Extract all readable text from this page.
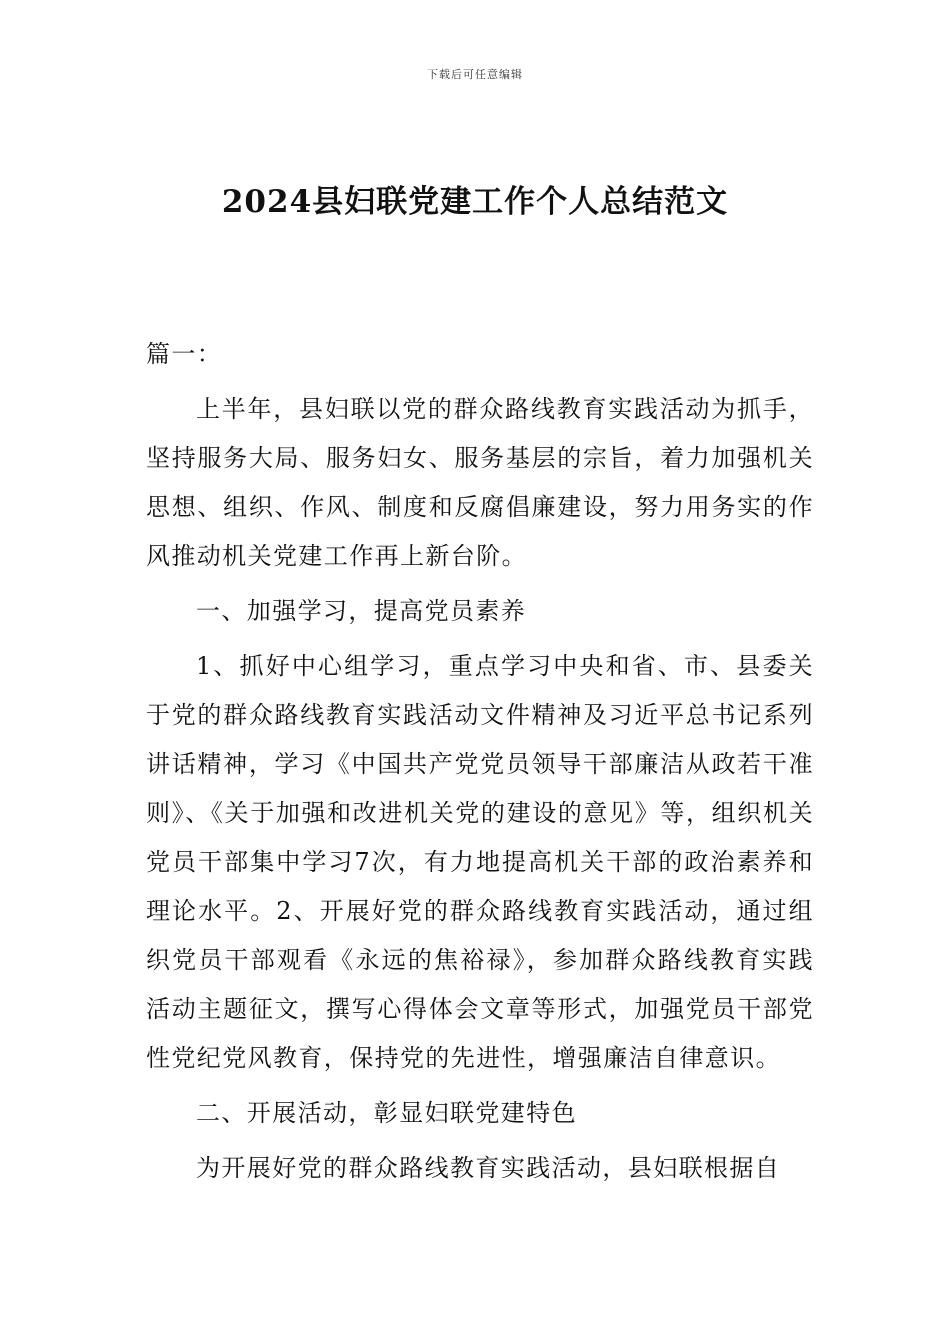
下载后可任意编辑
2024县妇联党建工作个人总结范文

篇一：

上半年，县妇联以党的群众路线教育实践活动为抓手，坚持服务大局、服务妇女、服务基层的宗旨，着力加强机关思想、组织、作风、制度和反腐倡廉建设，努力用务实的作风推动机关党建工作再上新台阶。

一、加强学习，提高党员素养

1、抓好中心组学习，重点学习中央和省、市、县委关于党的群众路线教育实践活动文件精神及习近平总书记系列讲话精神，学习《中国共产党党员领导干部廉洁从政若干准则》、《关于加强和改进机关党的建设的意见》等，组织机关党员干部集中学习7次，有力地提高机关干部的政治素养和理论水平。2、开展好党的群众路线教育实践活动，通过组织党员干部观看《永远的焦裕禄》，参加群众路线教育实践活动主题征文，撰写心得体会文章等形式，加强党员干部党性党纪党风教育，保持党的先进性，增强廉洁自律意识。

二、开展活动，彰显妇联党建特色

为开展好党的群众路线教育实践活动，县妇联根据自
